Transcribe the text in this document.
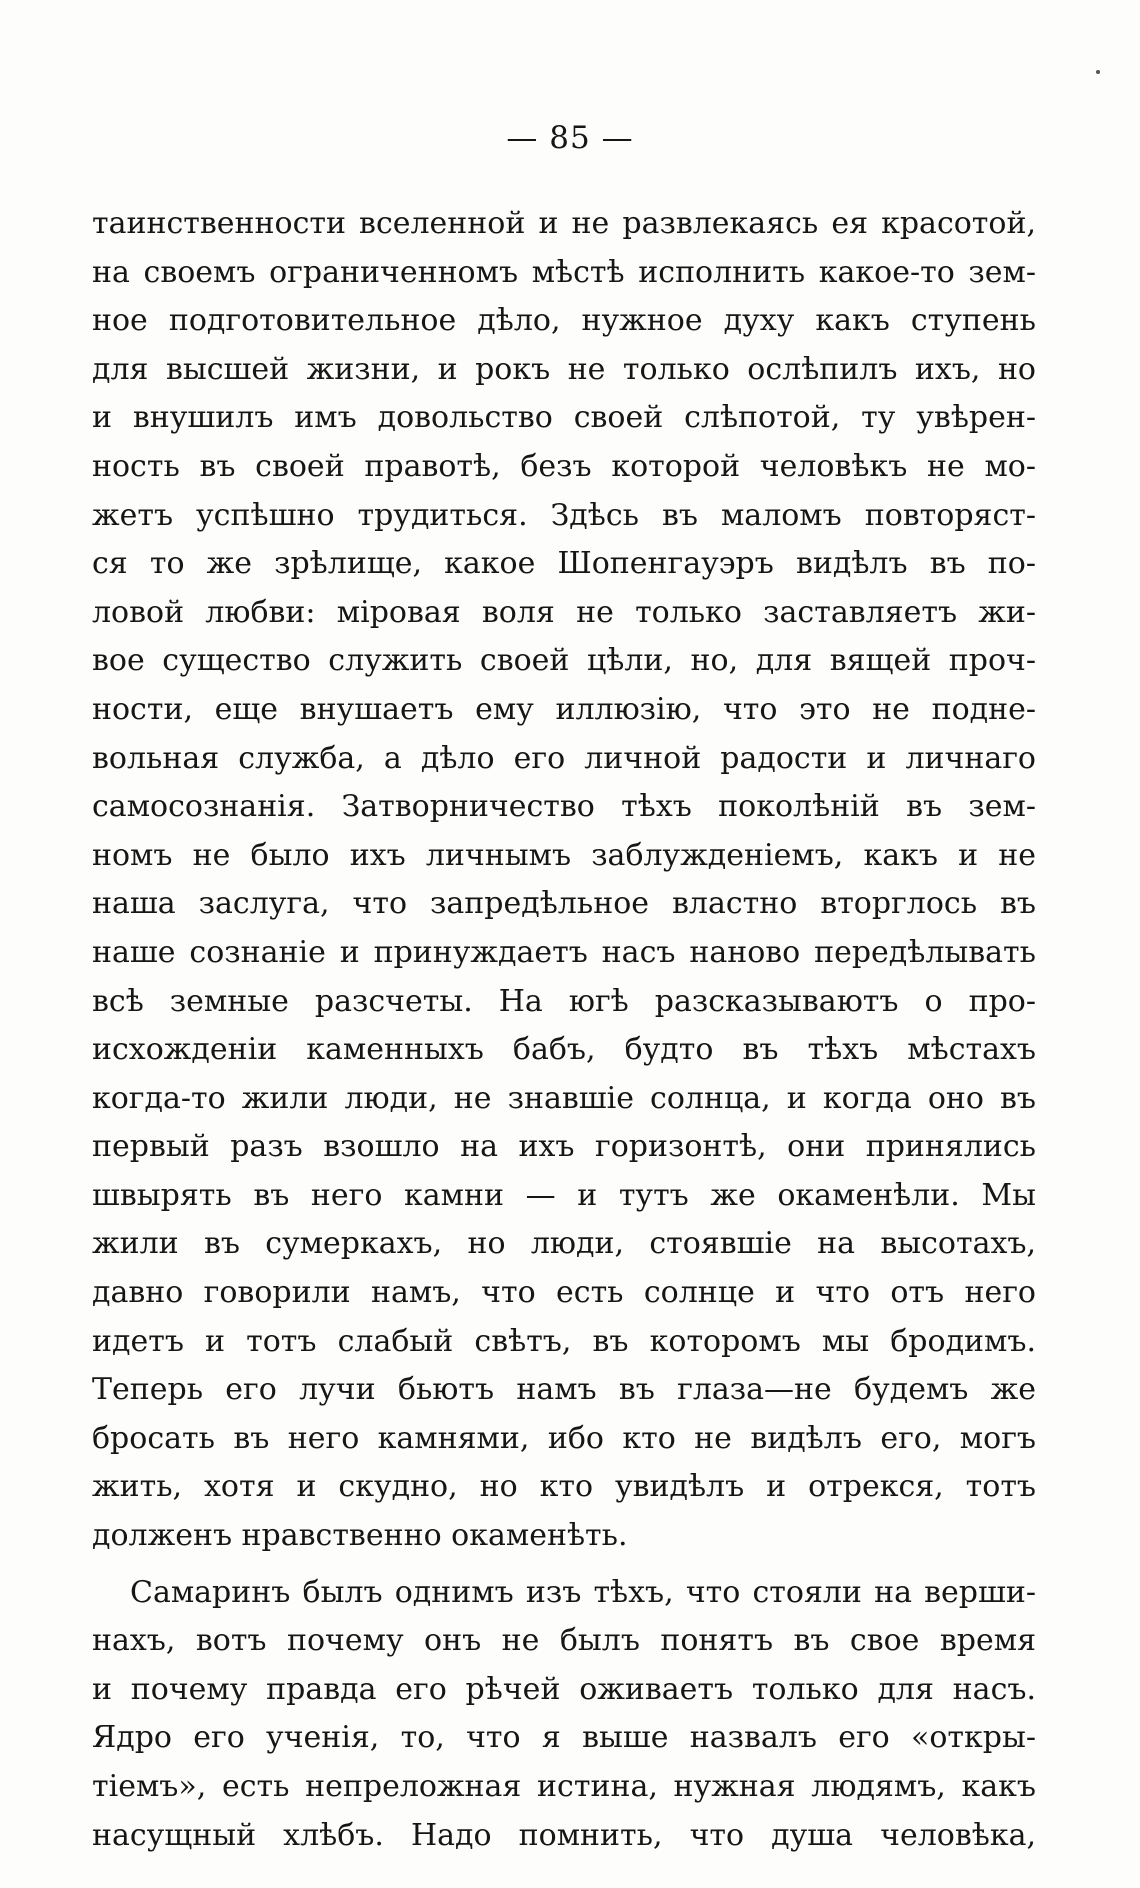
— 85 —
таинственности вселенной и не развлекаясь ея красотой,
на своемъ ограниченномъ мѣстѣ исполнить какое-то зем-
ное подготовительное дѣло, нужное духу какъ ступень
для высшей жизни, и рокъ не только ослѣпилъ ихъ, но
и внушилъ имъ довольство своей слѣпотой, ту увѣрен-
ность въ своей правотѣ, безъ которой человѣкъ не мо-
жетъ успѣшно трудиться. Здѣсь въ маломъ повторяст-
ся то же зрѣлище, какое Шопенгауэръ видѣлъ въ по-
ловой любви: мiровая воля не только заставляетъ жи-
вое существо служить своей цѣли, но, для вящей проч-
ности, еще внушаетъ ему иллюзію, что это не подне-
вольная служба, а дѣло его личной радости и личнаго
самосознанія. Затворничество тѣхъ поколѣній въ зем-
номъ не было ихъ личнымъ заблужденiемъ, какъ и не
наша заслуга, что запредѣльное властно вторглось въ
наше сознанiе и принуждаетъ насъ наново передѣлывать
всѣ земные разсчеты. На югѣ разсказываютъ о про-
исхожденiи каменныхъ бабъ, будто въ тѣхъ мѣстахъ
когда-то жили люди, не знавшiе солнца, и когда оно въ
первый разъ взошло на ихъ горизонтѣ, они принялись
швырять въ него камни — и тутъ же окаменѣли. Мы
жили въ сумеркахъ, но люди, стоявшiе на высотахъ,
давно говорили намъ, что есть солнце и что отъ него
идетъ и тотъ слабый свѣтъ, въ которомъ мы бродимъ.
Теперь его лучи бьютъ намъ въ глаза—не будемъ же
бросать въ него камнями, ибо кто не видѣлъ его, могъ
жить, хотя и скудно, но кто увидѣлъ и отрекся, тотъ
долженъ нравственно окаменѣть.
Самаринъ былъ однимъ изъ тѣхъ, что стояли на верши-
нахъ, вотъ почему онъ не былъ понятъ въ свое время
и почему правда его рѣчей оживаетъ только для насъ.
Ядро его ученія, то, что я выше назвалъ его «откры-
тiемъ», есть непреложная истина, нужная людямъ, какъ
насущный хлѣбъ. Надо помнить, что душа человѣка,
